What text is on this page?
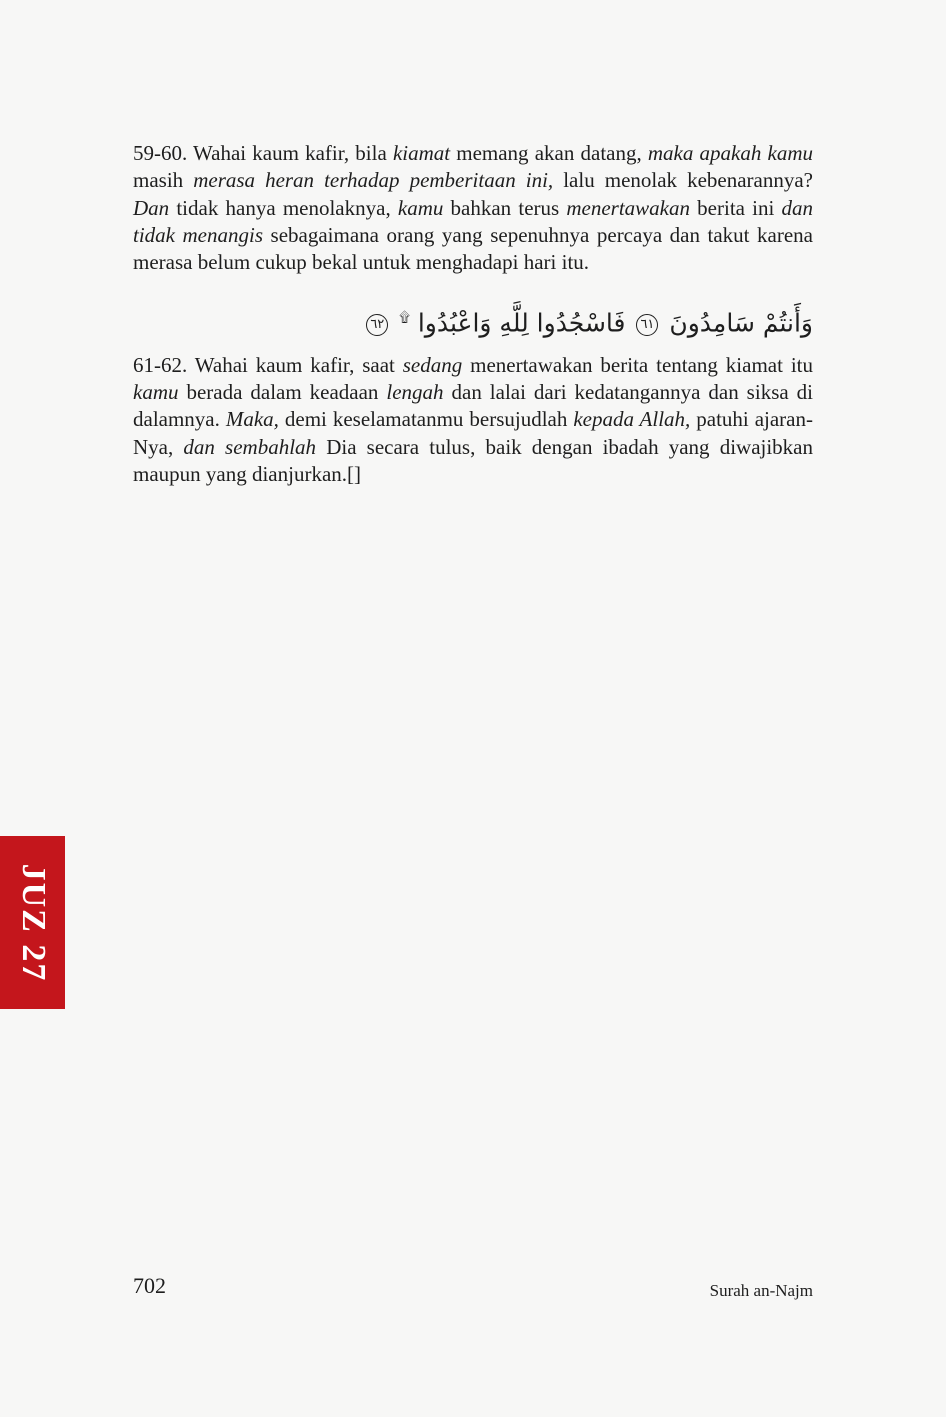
59-60. Wahai kaum kafir, bila kiamat memang akan datang, maka apakah kamu masih merasa heran terhadap pemberitaan ini, lalu menolak kebenarannya? Dan tidak hanya menolaknya, kamu bahkan terus menertawakan berita ini dan tidak menangis sebagaimana orang yang sepenuhnya percaya dan takut karena merasa belum cukup bekal untuk menghadapi hari itu.

وَأَنتُمْ سَامِدُونَ ٦١ فَاسْجُدُوا لِلَّهِ وَاعْبُدُوا ۩ ٦٢

61-62. Wahai kaum kafir, saat sedang menertawakan berita tentang kiamat itu kamu berada dalam keadaan lengah dan lalai dari kedatangannya dan siksa di dalamnya. Maka, demi keselamatanmu bersujudlah kepada Allah, patuhi ajaran-Nya, dan sembahlah Dia secara tulus, baik dengan ibadah yang diwajibkan maupun yang dianjurkan.[]

JUZ 27
702	Surah an-Najm
